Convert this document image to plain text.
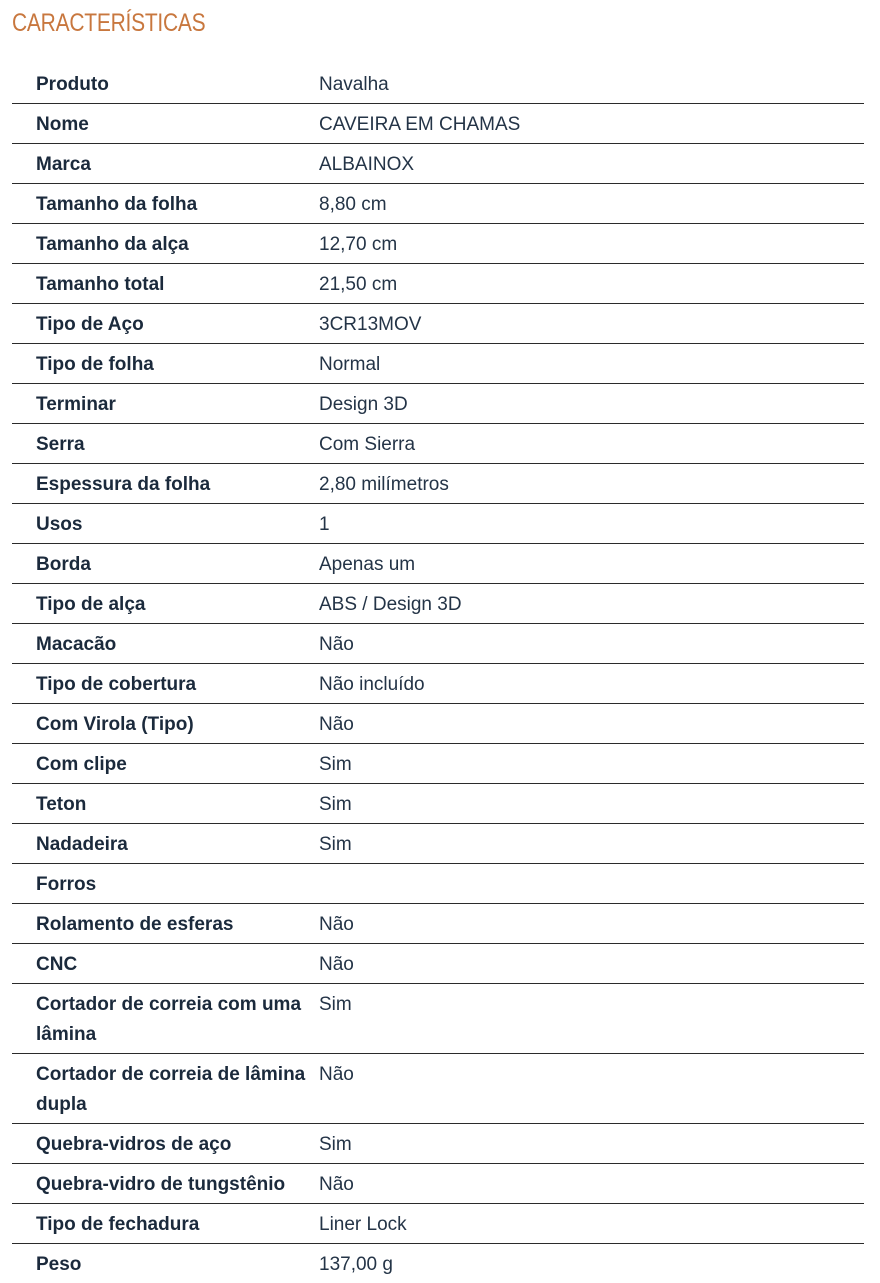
CARACTERÍSTICAS
Produto	Navalha
Nome	CAVEIRA EM CHAMAS
Marca	ALBAINOX
Tamanho da folha	8,80 cm
Tamanho da alça	12,70 cm
Tamanho total	21,50 cm
Tipo de Aço	3CR13MOV
Tipo de folha	Normal
Terminar	Design 3D
Serra	Com Sierra
Espessura da folha	2,80 milímetros
Usos	1
Borda	Apenas um
Tipo de alça	ABS / Design 3D
Macacão	Não
Tipo de cobertura	Não incluído
Com Virola (Tipo)	Não
Com clipe	Sim
Teton	Sim
Nadadeira	Sim
Forros	
Rolamento de esferas	Não
CNC	Não
Cortador de correia com uma lâmina	Sim
Cortador de correia de lâmina dupla	Não
Quebra-vidros de aço	Sim
Quebra-vidro de tungstênio	Não
Tipo de fechadura	Liner Lock
Peso	137,00 g
